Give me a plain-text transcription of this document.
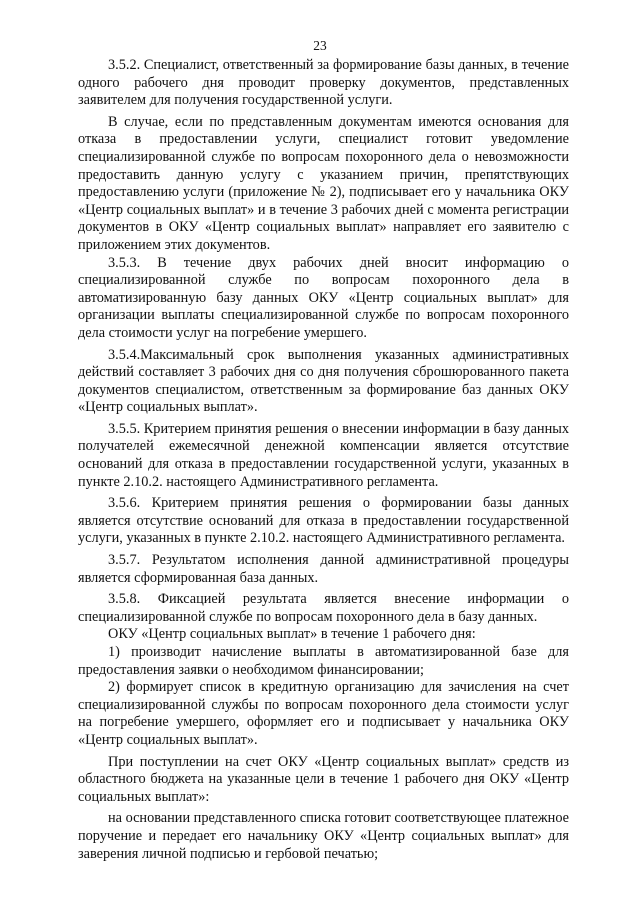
23

3.5.2. Специалист, ответственный за формирование базы данных, в течение одного рабочего дня проводит проверку документов, представленных заявителем для получения государственной услуги.

В случае, если по представленным документам имеются основания для отказа в предоставлении услуги, специалист готовит уведомление специализированной службе по вопросам похоронного дела о невозможности предоставить данную услугу с указанием причин, препятствующих предоставлению услуги (приложение № 2), подписывает его у начальника ОКУ «Центр социальных выплат» и в течение 3 рабочих дней с момента регистрации документов в ОКУ «Центр социальных выплат» направляет его заявителю с приложением этих документов.

3.5.3. В течение двух рабочих дней вносит информацию о специализированной службе по вопросам похоронного дела в автоматизированную базу данных ОКУ «Центр социальных выплат» для организации выплаты специализированной службе по вопросам похоронного дела стоимости услуг на погребение умершего.

3.5.4.Максимальный срок выполнения указанных административных действий составляет 3 рабочих дня со дня получения сброшюрованного пакета документов специалистом, ответственным за формирование баз данных ОКУ «Центр социальных выплат».

3.5.5. Критерием принятия решения о внесении информации в базу данных получателей ежемесячной денежной компенсации является отсутствие оснований для отказа в предоставлении государственной услуги, указанных в пункте 2.10.2. настоящего Административного регламента.

3.5.6. Критерием принятия решения о формировании базы данных является отсутствие оснований для отказа в предоставлении государственной услуги, указанных в пункте 2.10.2. настоящего Административного регламента.

3.5.7. Результатом исполнения данной административной процедуры является сформированная база данных.

3.5.8. Фиксацией результата является внесение информации о специализированной службе по вопросам похоронного дела в базу данных.

ОКУ «Центр социальных выплат» в течение 1 рабочего дня:

1) производит начисление выплаты в автоматизированной базе для предоставления заявки о необходимом финансировании;

2) формирует список в кредитную организацию для зачисления на счет специализированной службы по вопросам похоронного дела стоимости услуг на погребение умершего, оформляет его и подписывает у начальника ОКУ «Центр социальных выплат».

При поступлении на счет ОКУ «Центр социальных выплат» средств из областного бюджета на указанные цели в течение 1 рабочего дня ОКУ «Центр социальных выплат»:

на основании представленного списка готовит соответствующее платежное поручение и передает его начальнику ОКУ «Центр социальных выплат» для заверения личной подписью и гербовой печатью;
